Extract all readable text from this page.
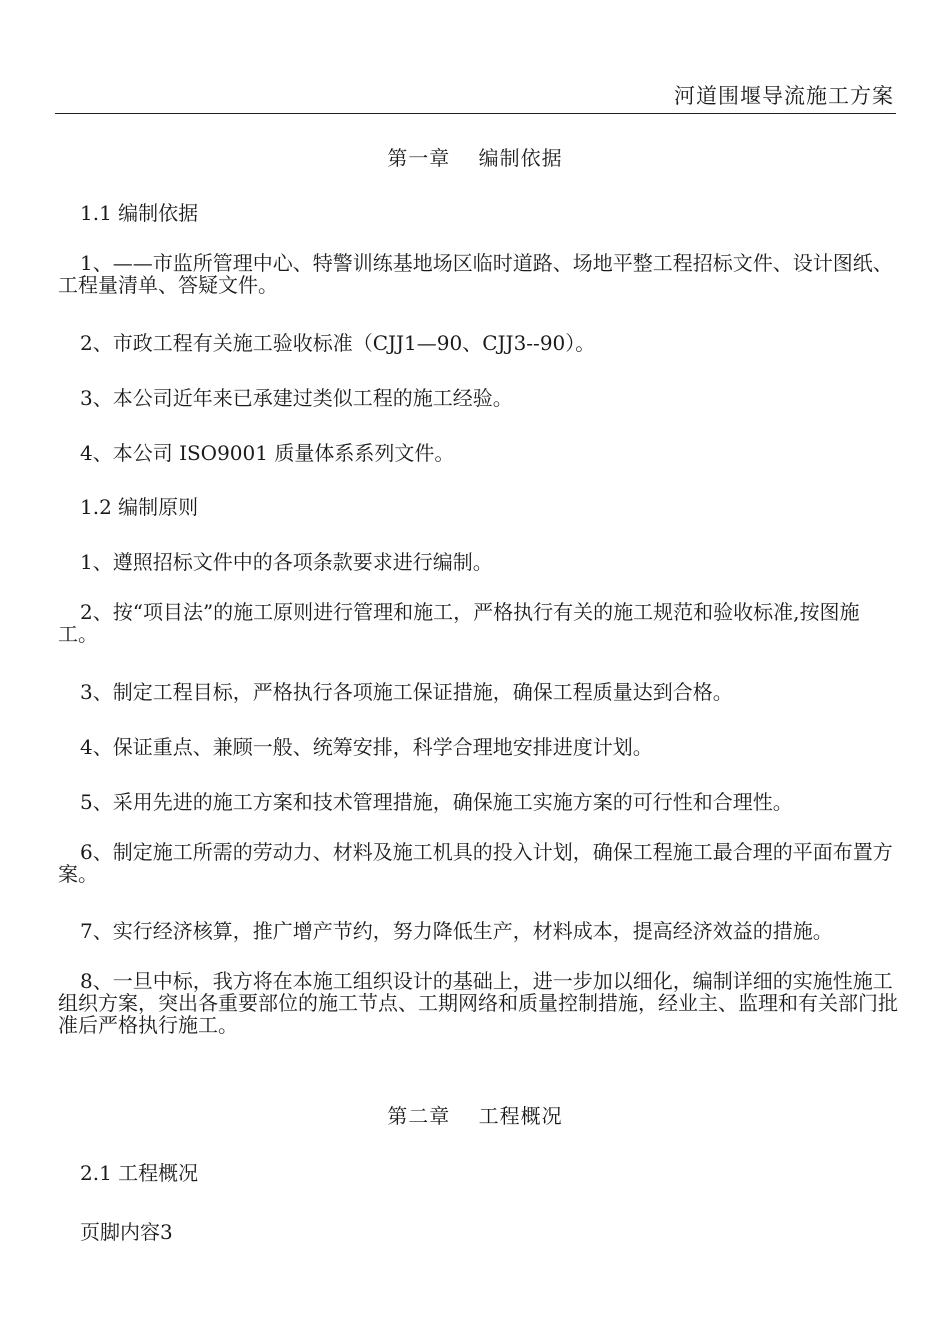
河道围堰导流施工方案
第一章　 编制依据
1.1 编制依据
1、——市监所管理中心、特警训练基地场区临时道路、场地平整工程招标文件、设计图纸、工程量清单、答疑文件。
2、市政工程有关施工验收标准（CJJ1—90、CJJ3--90）。
3、本公司近年来已承建过类似工程的施工经验。
4、本公司 ISO9001 质量体系系列文件。
1.2 编制原则
1、遵照招标文件中的各项条款要求进行编制。
2、按“项目法”的施工原则进行管理和施工，严格执行有关的施工规范和验收标准,按图施工。
3、制定工程目标，严格执行各项施工保证措施，确保工程质量达到合格。
4、保证重点、兼顾一般、统筹安排，科学合理地安排进度计划。
5、采用先进的施工方案和技术管理措施，确保施工实施方案的可行性和合理性。
6、制定施工所需的劳动力、材料及施工机具的投入计划，确保工程施工最合理的平面布置方案。
7、实行经济核算，推广增产节约，努力降低生产，材料成本，提高经济效益的措施。
8、一旦中标，我方将在本施工组织设计的基础上，进一步加以细化，编制详细的实施性施工组织方案，突出各重要部位的施工节点、工期网络和质量控制措施，经业主、监理和有关部门批准后严格执行施工。
第二章　 工程概况
2.1 工程概况
页脚内容3
